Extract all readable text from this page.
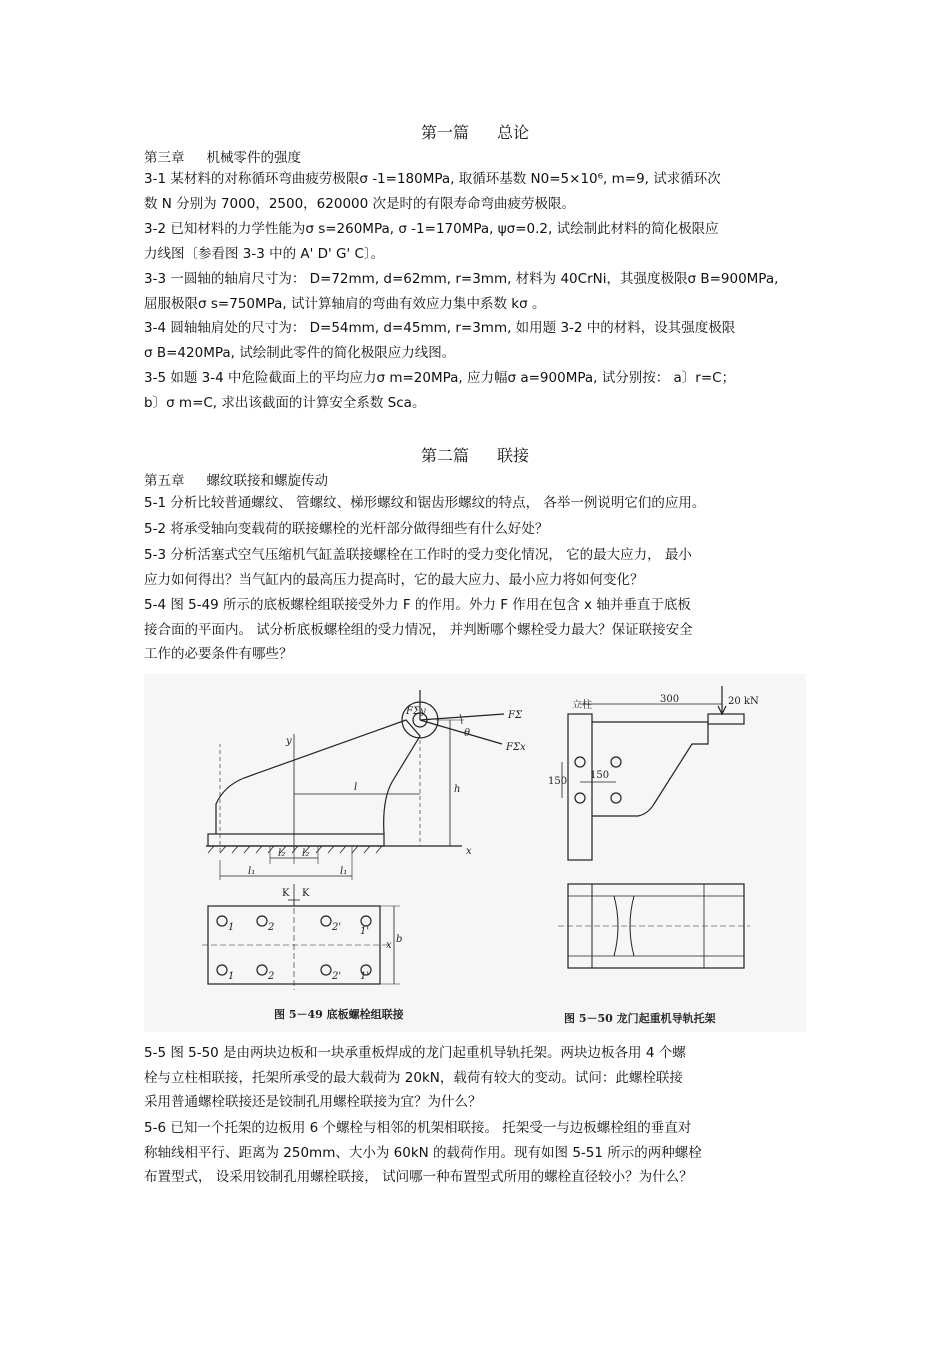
第一篇 总论
第三章 机械零件的强度
3-1 某材料的对称循环弯曲疲劳极限σ -1=180MPa, 取循环基数 N0=5×10⁶, m=9, 试求循环次
数 N 分别为 7000，2500，620000 次是时的有限寿命弯曲疲劳极限。
3-2 已知材料的力学性能为σ s=260MPa, σ -1=170MPa, ψσ=0.2, 试绘制此材料的简化极限应
力线图〔参看图 3-3 中的 A' D' G' C〕。
3-3 一圆轴的轴肩尺寸为： D=72mm, d=62mm, r=3mm, 材料为 40CrNi，其强度极限σ B=900MPa,
屈服极限σ s=750MPa, 试计算轴肩的弯曲有效应力集中系数 kσ 。
3-4 圆轴轴肩处的尺寸为： D=54mm, d=45mm, r=3mm, 如用题 3-2 中的材料，设其强度极限
σ B=420MPa, 试绘制此零件的简化极限应力线图。
3-5 如题 3-4 中危险截面上的平均应力σ m=20MPa, 应力幅σ a=900MPa, 试分别按： a〕r=C；
b〕σ m=C, 求出该截面的计算安全系数 Sca。
第二篇 联接
第五章 螺纹联接和螺旋传动
5-1 分析比较普通螺纹、 管螺纹、梯形螺纹和锯齿形螺纹的特点， 各举一例说明它们的应用。
5-2 将承受轴向变载荷的联接螺栓的光杆部分做得细些有什么好处？
5-3 分析活塞式空气压缩机气缸盖联接螺栓在工作时的受力变化情况， 它的最大应力， 最小
应力如何得出？当气缸内的最高压力提高时，它的最大应力、最小应力将如何变化？
5-4 图 5-49 所示的底板螺栓组联接受外力 F 的作用。外力 F 作用在包含 x 轴并垂直于底板
接合面的平面内。 试分析底板螺栓组的受力情况， 并判断哪个螺栓受力最大？保证联接安全
工作的必要条件有哪些？
FΣy	FΣ
FΣx
θ
y
x
l	h
l₂ l₂
l₁	l₁
K K
x
b
1	2	2' 1'
1	2	2' 1'
立柱
300
150
150
20 kN
图 5－49 底板螺栓组联接	图 5－50 龙门起重机导轨托架
5-5 图 5-50 是由两块边板和一块承重板焊成的龙门起重机导轨托架。两块边板各用 4 个螺
栓与立柱相联接，托架所承受的最大载荷为 20kN，载荷有较大的变动。试问：此螺栓联接
采用普通螺栓联接还是铰制孔用螺栓联接为宜？为什么？
5-6 已知一个托架的边板用 6 个螺栓与相邻的机架相联接。 托架受一与边板螺栓组的垂直对
称轴线相平行、距离为 250mm、大小为 60kN 的载荷作用。现有如图 5-51 所示的两种螺栓
布置型式， 设采用铰制孔用螺栓联接， 试问哪一种布置型式所用的螺栓直径较小？为什么？
